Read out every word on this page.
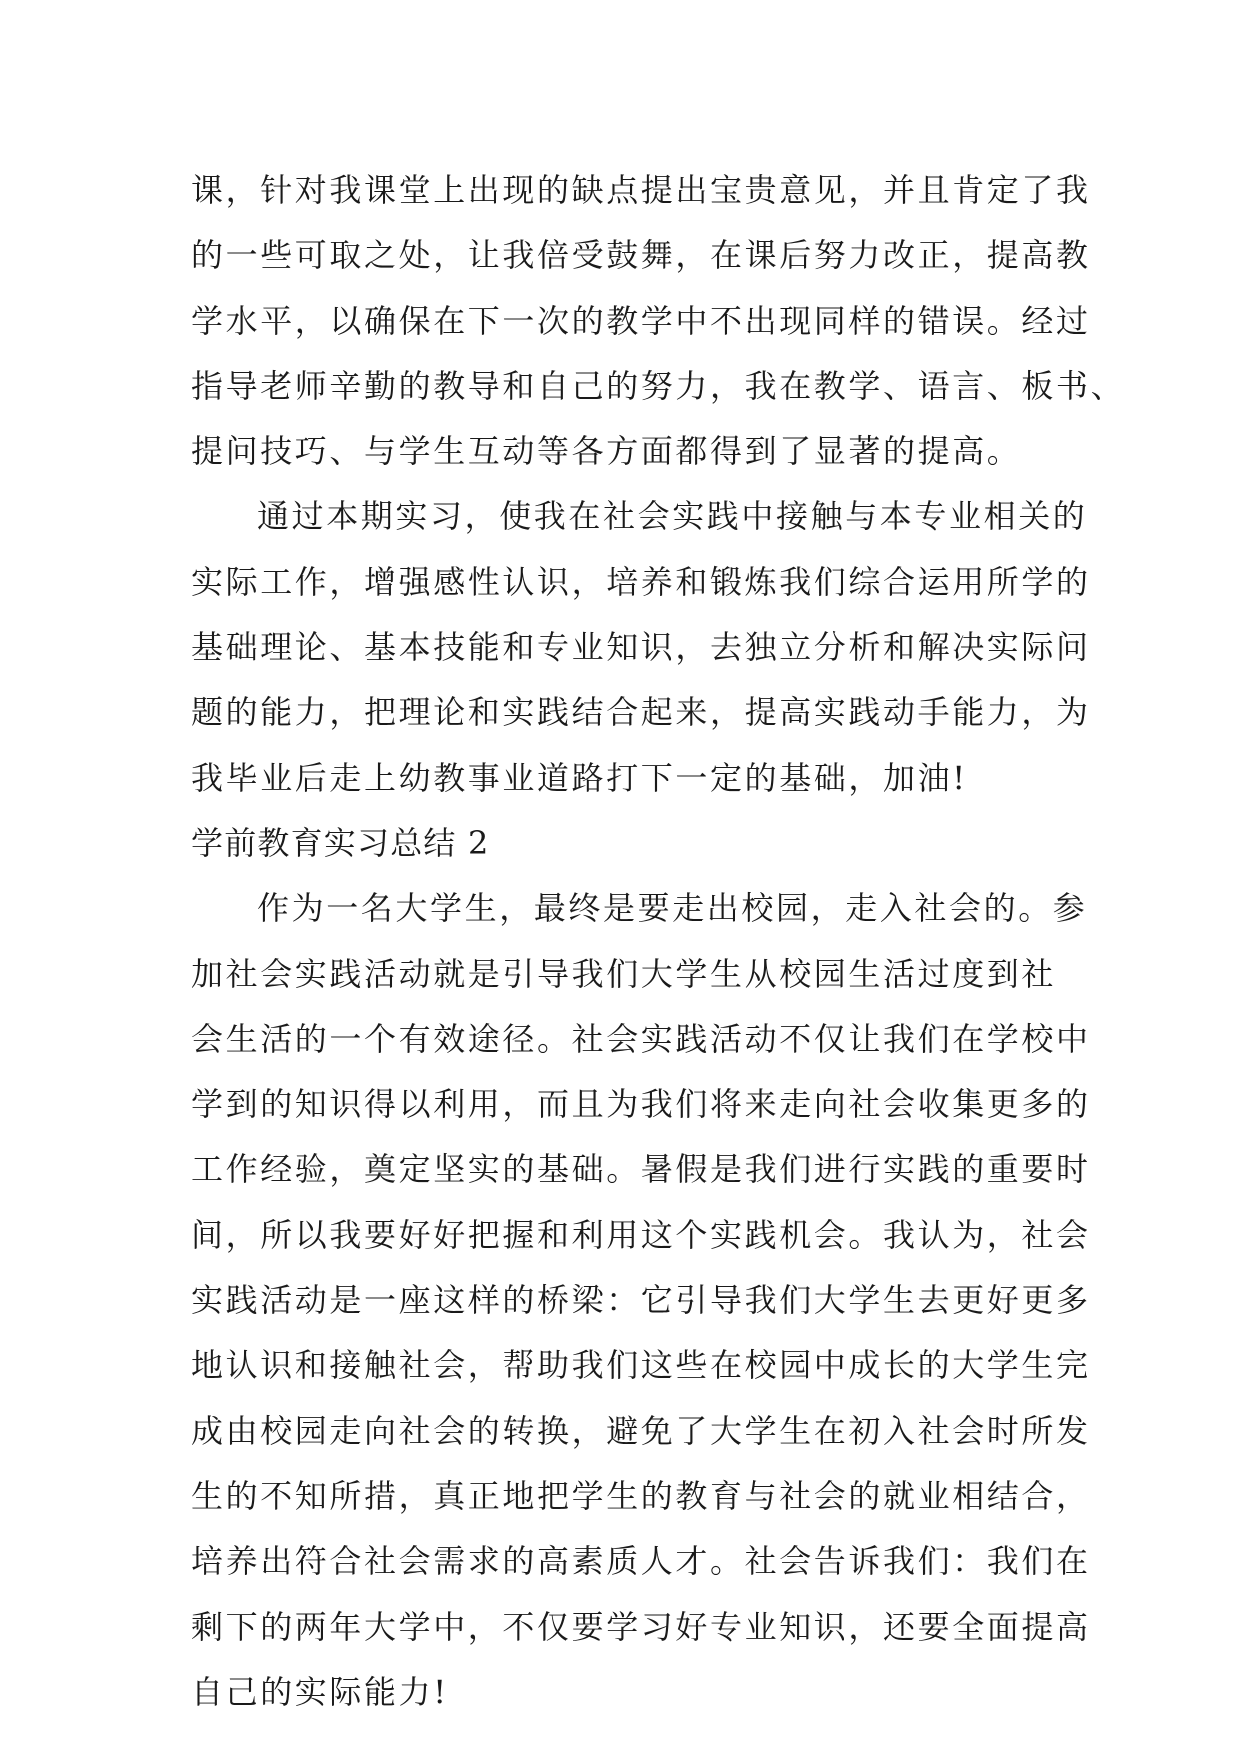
课，针对我课堂上出现的缺点提出宝贵意见，并且肯定了我
的一些可取之处，让我倍受鼓舞，在课后努力改正，提高教
学水平，以确保在下一次的教学中不出现同样的错误。经过
指导老师辛勤的教导和自己的努力，我在教学、语言、板书、
提问技巧、与学生互动等各方面都得到了显著的提高。
通过本期实习，使我在社会实践中接触与本专业相关的
实际工作，增强感性认识，培养和锻炼我们综合运用所学的
基础理论、基本技能和专业知识，去独立分析和解决实际问
题的能力，把理论和实践结合起来，提高实践动手能力，为
我毕业后走上幼教事业道路打下一定的基础，加油!
学前教育实习总结 2
作为一名大学生，最终是要走出校园，走入社会的。参
加社会实践活动就是引导我们大学生从校园生活过度到社
会生活的一个有效途径。社会实践活动不仅让我们在学校中
学到的知识得以利用，而且为我们将来走向社会收集更多的
工作经验，奠定坚实的基础。暑假是我们进行实践的重要时
间，所以我要好好把握和利用这个实践机会。我认为，社会
实践活动是一座这样的桥梁：它引导我们大学生去更好更多
地认识和接触社会，帮助我们这些在校园中成长的大学生完
成由校园走向社会的转换，避免了大学生在初入社会时所发
生的不知所措，真正地把学生的教育与社会的就业相结合，
培养出符合社会需求的高素质人才。社会告诉我们：我们在
剩下的两年大学中，不仅要学习好专业知识，还要全面提高
自己的实际能力!
